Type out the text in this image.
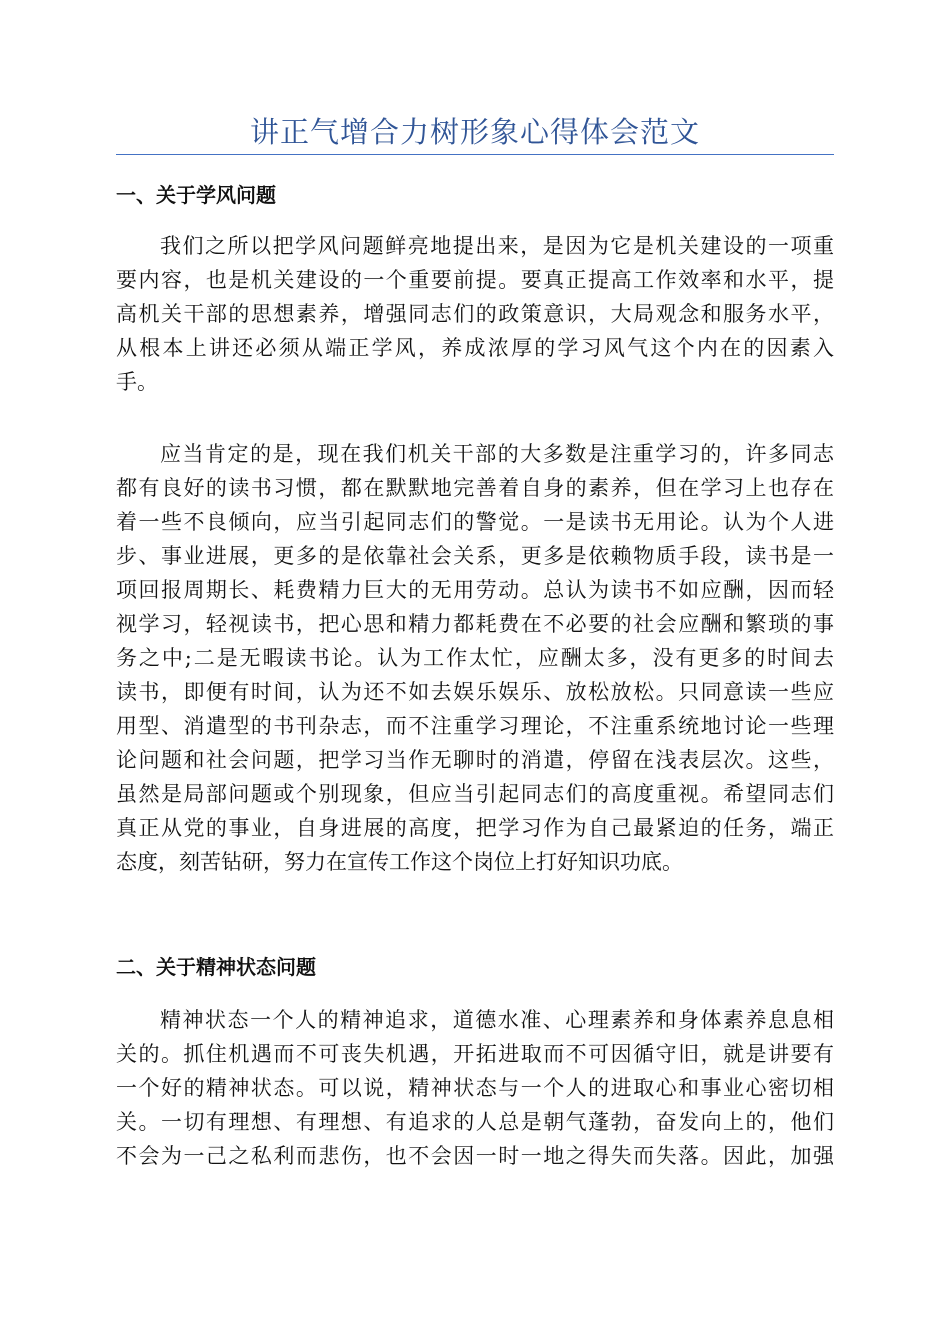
讲正气增合力树形象心得体会范文
一、关于学风问题
我们之所以把学风问题鲜亮地提出来，是因为它是机关建设的一项重
要内容，也是机关建设的一个重要前提。要真正提高工作效率和水平，提
高机关干部的思想素养，增强同志们的政策意识，大局观念和服务水平，
从根本上讲还必须从端正学风，养成浓厚的学习风气这个内在的因素入
手。
应当肯定的是，现在我们机关干部的大多数是注重学习的，许多同志
都有良好的读书习惯，都在默默地完善着自身的素养，但在学习上也存在
着一些不良倾向，应当引起同志们的警觉。一是读书无用论。认为个人进
步、事业进展，更多的是依靠社会关系，更多是依赖物质手段，读书是一
项回报周期长、耗费精力巨大的无用劳动。总认为读书不如应酬，因而轻
视学习，轻视读书，把心思和精力都耗费在不必要的社会应酬和繁琐的事
务之中;二是无暇读书论。认为工作太忙，应酬太多，没有更多的时间去
读书，即便有时间，认为还不如去娱乐娱乐、放松放松。只同意读一些应
用型、消遣型的书刊杂志，而不注重学习理论，不注重系统地讨论一些理
论问题和社会问题，把学习当作无聊时的消遣，停留在浅表层次。这些，
虽然是局部问题或个别现象，但应当引起同志们的高度重视。希望同志们
真正从党的事业，自身进展的高度，把学习作为自己最紧迫的任务，端正
态度，刻苦钻研，努力在宣传工作这个岗位上打好知识功底。
二、关于精神状态问题
精神状态一个人的精神追求，道德水准、心理素养和身体素养息息相
关的。抓住机遇而不可丧失机遇，开拓进取而不可因循守旧，就是讲要有
一个好的精神状态。可以说，精神状态与一个人的进取心和事业心密切相
关。一切有理想、有理想、有追求的人总是朝气蓬勃，奋发向上的，他们
不会为一己之私利而悲伤，也不会因一时一地之得失而失落。因此，加强
